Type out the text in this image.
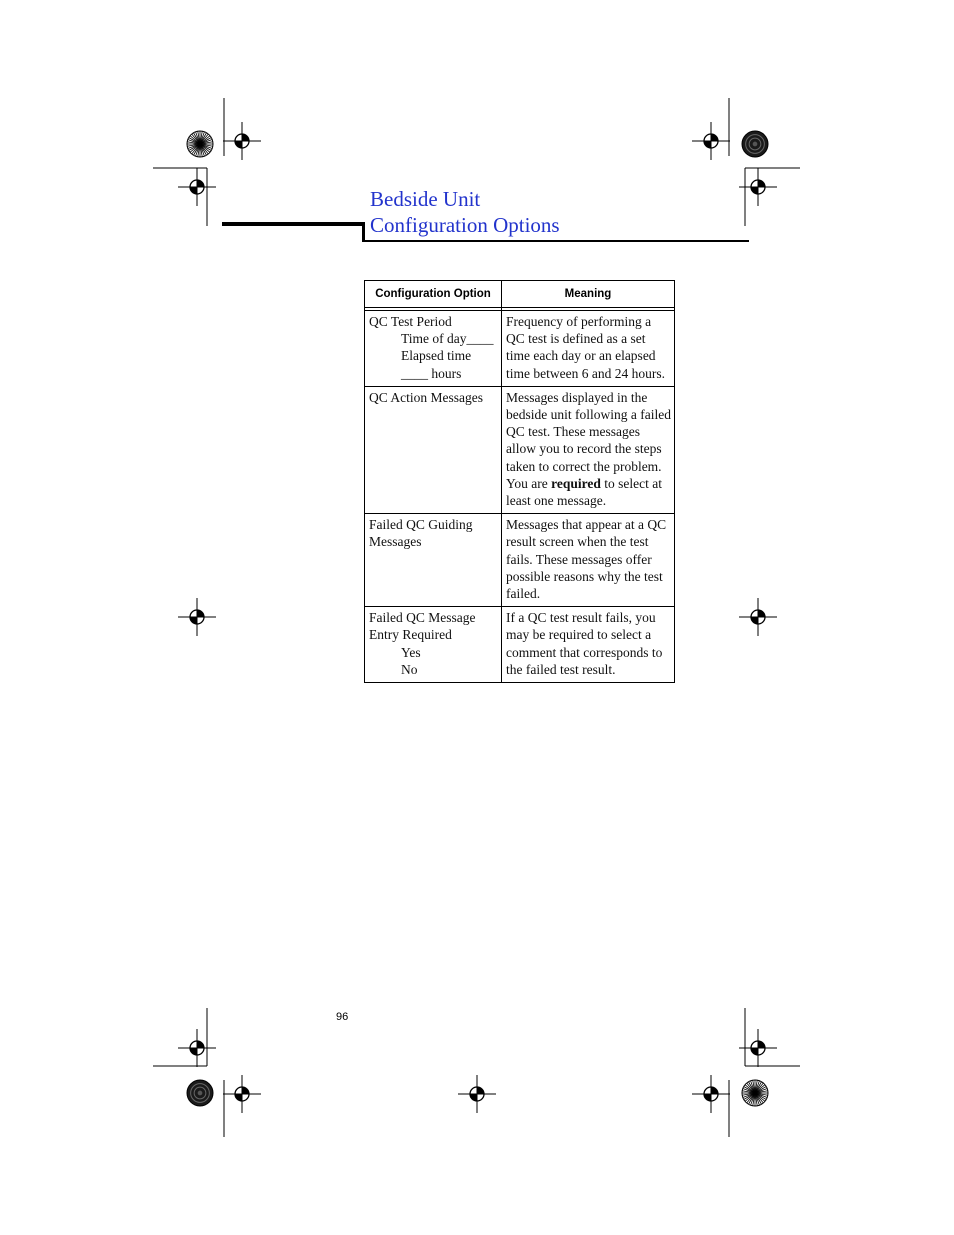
Bedside Unit
Configuration Options
Configuration Option	Meaning

QC Test Period
Time of day____
Elapsed time
____ hours	Frequency of performing a QC test is defined as a set time each day or an elapsed time between 6 and 24 hours.

QC Action Messages	Messages displayed in the bedside unit following a failed QC test. These messages allow you to record the steps taken to correct the problem. You are required to select at least one message.

Failed QC Guiding Messages	Messages that appear at a QC result screen when the test fails. These messages offer possible reasons why the test failed.

Failed QC Message Entry Required
Yes
No	If a QC test result fails, you may be required to select a comment that corresponds to the failed test result.
96
